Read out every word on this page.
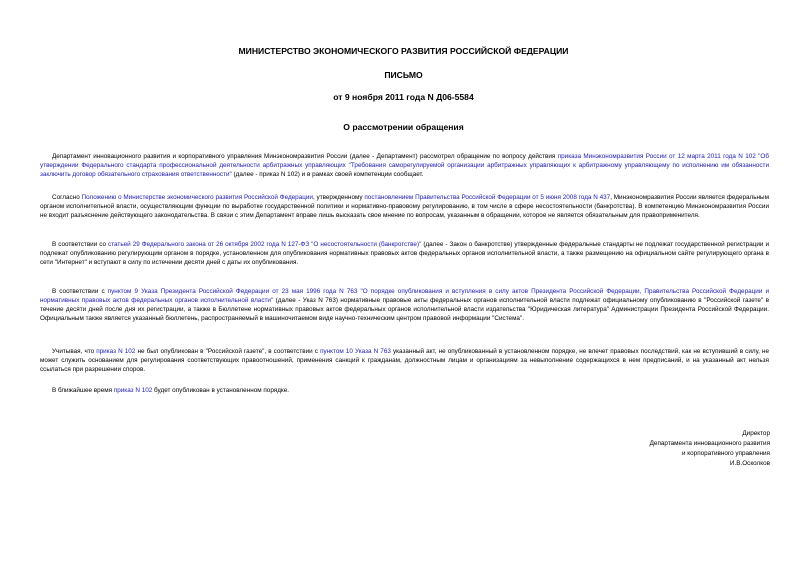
МИНИСТЕРСТВО ЭКОНОМИЧЕСКОГО РАЗВИТИЯ РОССИЙСКОЙ ФЕДЕРАЦИИ
ПИСЬМО
от 9 ноября 2011 года N Д06-5584
О рассмотрении обращения

Департамент инновационного развития и корпоративного управления Минэкономразвития России (далее - Департамент) рассмотрел обращение по вопросу действия приказа Минэкономразвития России от 12 марта 2011 года N 102 "Об утверждении Федерального стандарта профессиональной деятельности арбитражных управляющих "Требования саморегулируемой организации арбитражных управляющих к арбитражному управляющему по исполнению им обязанности заключить договор обязательного страхования ответственности" (далее - приказ N 102) и в рамках своей компетенции сообщает.

Согласно Положению о Министерстве экономического развития Российской Федерации, утвержденному постановлением Правительства Российской Федерации от 5 июня 2008 года N 437, Минэкономразвития России является федеральным органом исполнительной власти, осуществляющим функции по выработке государственной политики и нормативно-правовому регулированию, в том числе в сфере несостоятельности (банкротства). В компетенцию Минэкономразвития России не входит разъяснение действующего законодательства. В связи с этим Департамент вправе лишь высказать свое мнение по вопросам, указанным в обращении, которое не является обязательным для правоприменителя.

В соответствии со статьей 29 Федерального закона от 26 октября 2002 года N 127-ФЗ "О несостоятельности (банкротстве)" (далее - Закон о банкротстве) утвержденные федеральные стандарты не подлежат государственной регистрации и подлежат опубликованию регулирующим органом в порядке, установленном для опубликования нормативных правовых актов федеральных органов исполнительной власти, а также размещению на официальном сайте регулирующего органа в сети "Интернет" и вступают в силу по истечении десяти дней с даты их опубликования.

В соответствии с пунктом 9 Указа Президента Российской Федерации от 23 мая 1996 года N 763 "О порядке опубликования и вступления в силу актов Президента Российской Федерации, Правительства Российской Федерации и нормативных правовых актов федеральных органов исполнительной власти" (далее - Указ N 763) нормативные правовые акты федеральных органов исполнительной власти подлежат официальному опубликованию в "Российской газете" в течение десяти дней после дня их регистрации, а также в Бюллетене нормативных правовых актов федеральных органов исполнительной власти издательства "Юридическая литература" Администрации Президента Российской Федерации. Официальным также является указанный бюллетень, распространяемый в машиночитаемом виде научно-техническим центром правовой информации "Система".

Учитывая, что приказ N 102 не был опубликован в "Российской газете", в соответствии с пунктом 10 Указа N 763 указанный акт, не опубликованный в установленном порядке, не влечет правовых последствий, как не вступивший в силу, не может служить основанием для регулирования соответствующих правоотношений, применения санкций к гражданам, должностным лицам и организациям за невыполнение содержащихся в нем предписаний, и на указанный акт нельзя ссылаться при разрешении споров.

В ближайшее время приказ N 102 будет опубликован в установленном порядке.

Директор
Департамента инновационного развития
и корпоративного управления
И.В.Осколков
